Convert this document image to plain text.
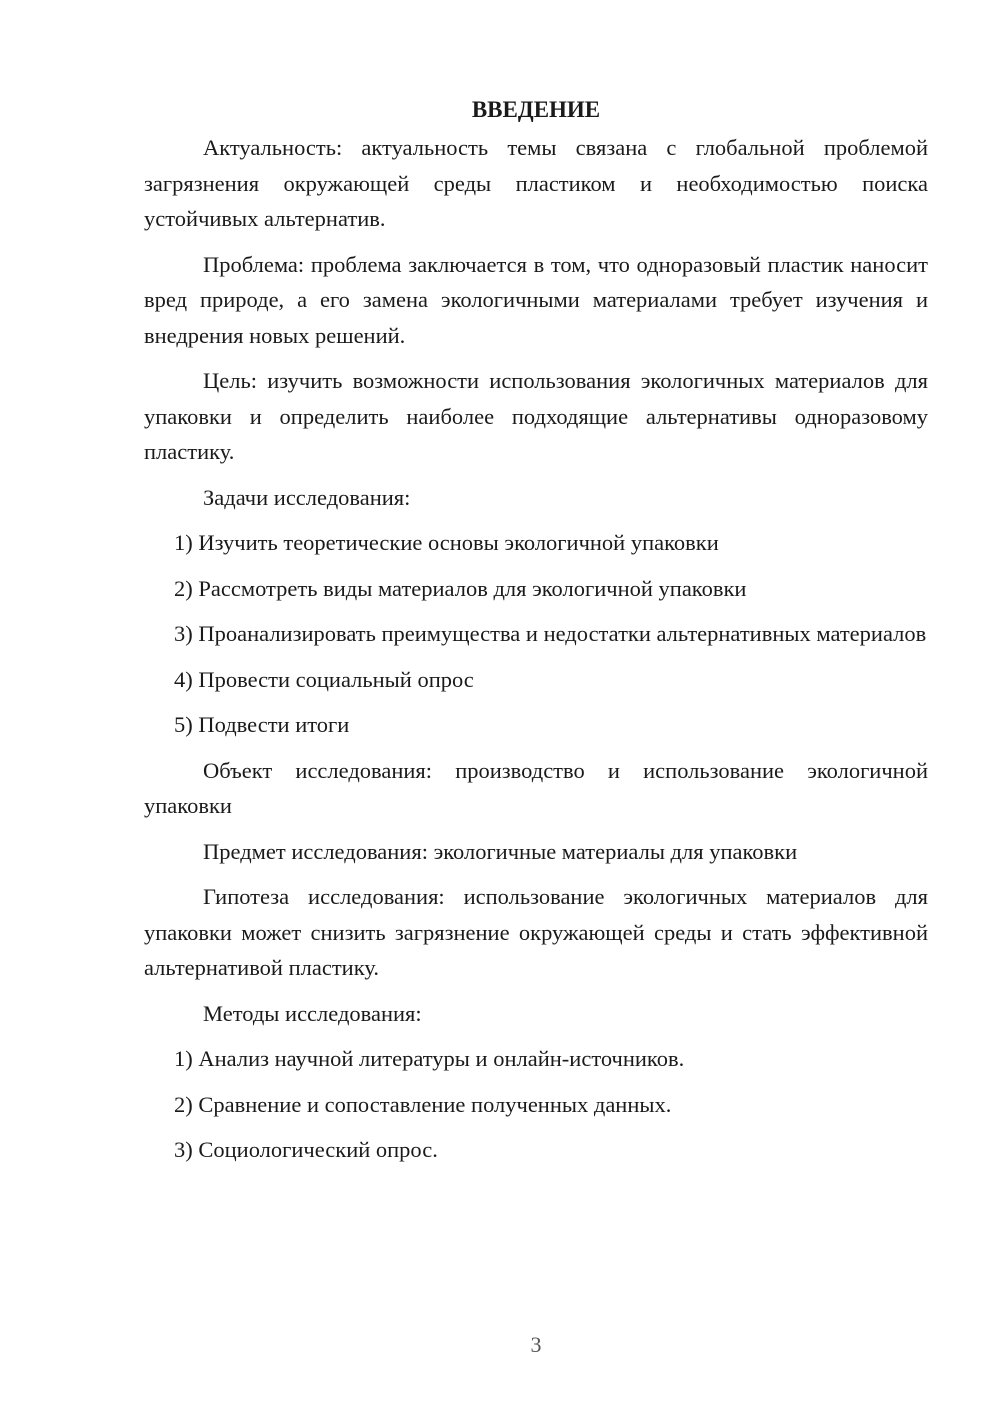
ВВЕДЕНИЕ

Актуальность: актуальность темы связана с глобальной проблемой загрязнения окружающей среды пластиком и необходимостью поиска устойчивых альтернатив.

Проблема: проблема заключается в том, что одноразовый пластик наносит вред природе, а его замена экологичными материалами требует изучения и внедрения новых решений.

Цель: изучить возможности использования экологичных материалов для упаковки и определить наиболее подходящие альтернативы одноразовому пластику.

Задачи исследования:

1) Изучить теоретические основы экологичной упаковки

2) Рассмотреть виды материалов для экологичной упаковки

3) Проанализировать преимущества и недостатки альтернативных материалов

4) Провести социальный опрос

5) Подвести итоги

Объект исследования: производство и использование экологичной упаковки

Предмет исследования: экологичные материалы для упаковки

Гипотеза исследования: использование экологичных материалов для упаковки может снизить загрязнение окружающей среды и стать эффективной альтернативой пластику.

Методы исследования:

1) Анализ научной литературы и онлайн-источников.

2) Сравнение и сопоставление полученных данных.

3) Социологический опрос.

3
